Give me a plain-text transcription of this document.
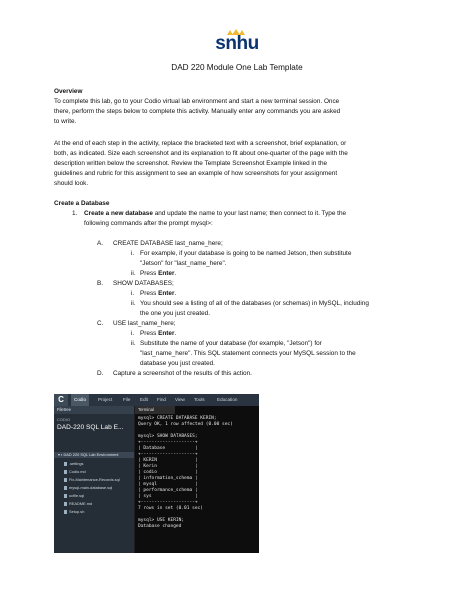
snhu
DAD 220 Module One Lab Template
Overview
To complete this lab, go to your Codio virtual lab environment and start a new terminal session. Once
there, perform the steps below to complete this activity. Manually enter any commands you are asked
to write.
At the end of each step in the activity, replace the bracketed text with a screenshot, brief explanation, or
both, as indicated. Size each screenshot and its explanation to fit about one-quarter of the page with the
description written below the screenshot. Review the Template Screenshot Example linked in the
guidelines and rubric for this assignment to see an example of how screenshots for your assignment
should look.
Create a Database
1. Create a new database and update the name to your last name; then connect to it. Type the
following commands after the prompt mysql>:
A. CREATE DATABASE last_name_here;
i. For example, if your database is going to be named Jetson, then substitute
"Jetson" for "last_name_here".
ii. Press Enter.
B. SHOW DATABASES;
i. Press Enter.
ii. You should see a listing of all of the databases (or schemas) in MySQL, including
the one you just created.
C. USE last_name_here;
i. Press Enter.
ii. Substitute the name of your database (for example, "Jetson") for
"last_name_here". This SQL statement connects your MySQL session to the
database you just created.
D. Capture a screenshot of the results of this action.
C	Codio	Project File Edit Find View Tools	Education
Filetree
CODIO
DAD-220 SQL Lab E...
▾ ▪ DAD 220 SQL Lab Environment
.settings
Codio.md
Fix-Maintenance-Records.sql
mysql-main-database.sql
ucfile.sql
README.md
Setup.sh
Terminal
mysql> CREATE DATABASE KERIN;
Query OK, 1 row affected (0.00 sec)
mysql> SHOW DATABASES;
+--------------------+
| Database           |
+--------------------+
| KERIN              |
| Kerin              |
| codio              |
| information_schema |
| mysql              |
| performance_schema |
| sys                |
+--------------------+
7 rows in set (0.01 sec)
mysql> USE KERIN;
Database changed
